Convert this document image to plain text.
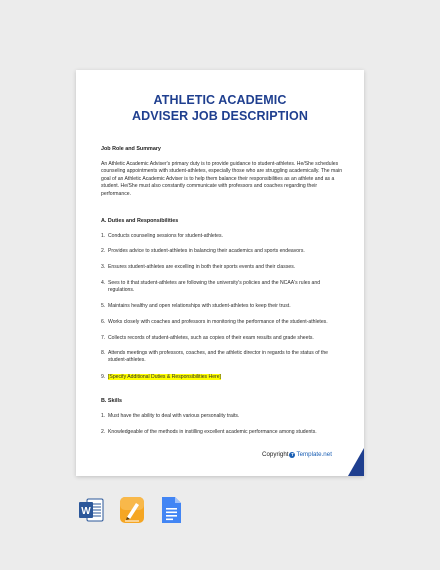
ATHLETIC ACADEMIC
ADVISER JOB DESCRIPTION
Job Role and Summary
An Athletic Academic Adviser's primary duty is to provide guidance to student-athletes. He/She schedules counseling appointments with student-athletes, especially those who are struggling academically. The main goal of an Athletic Academic Adviser is to help them balance their responsibilities as an athlete and as a student. He/She must also constantly communicate with professors and coaches regarding their performance.
A. Duties and Responsibilities
1. Conducts counseling sessions for student-athletes.
2. Provides advice to student-athletes in balancing their academics and sports endeavors.
3. Ensures student-athletes are excelling in both their sports events and their classes.
4. Sees to it that student-athletes are following the university's policies and the NCAA's rules and regulations.
5. Maintains healthy and open relationships with student-athletes to keep their trust.
6. Works closely with coaches and professors in monitoring the performance of the student-athletes.
7. Collects records of student-athletes, such as copies of their exam results and grade sheets.
8. Attends meetings with professors, coaches, and the athletic director in regards to the status of the student-athletes.
9. [Specify Additional Duties & Responsibilities Here]
B. Skills
1. Must have the ability to deal with various personality traits.
2. Knowledgeable of the methods in instilling excellent academic performance among students.
Copyright T Template.net
W
